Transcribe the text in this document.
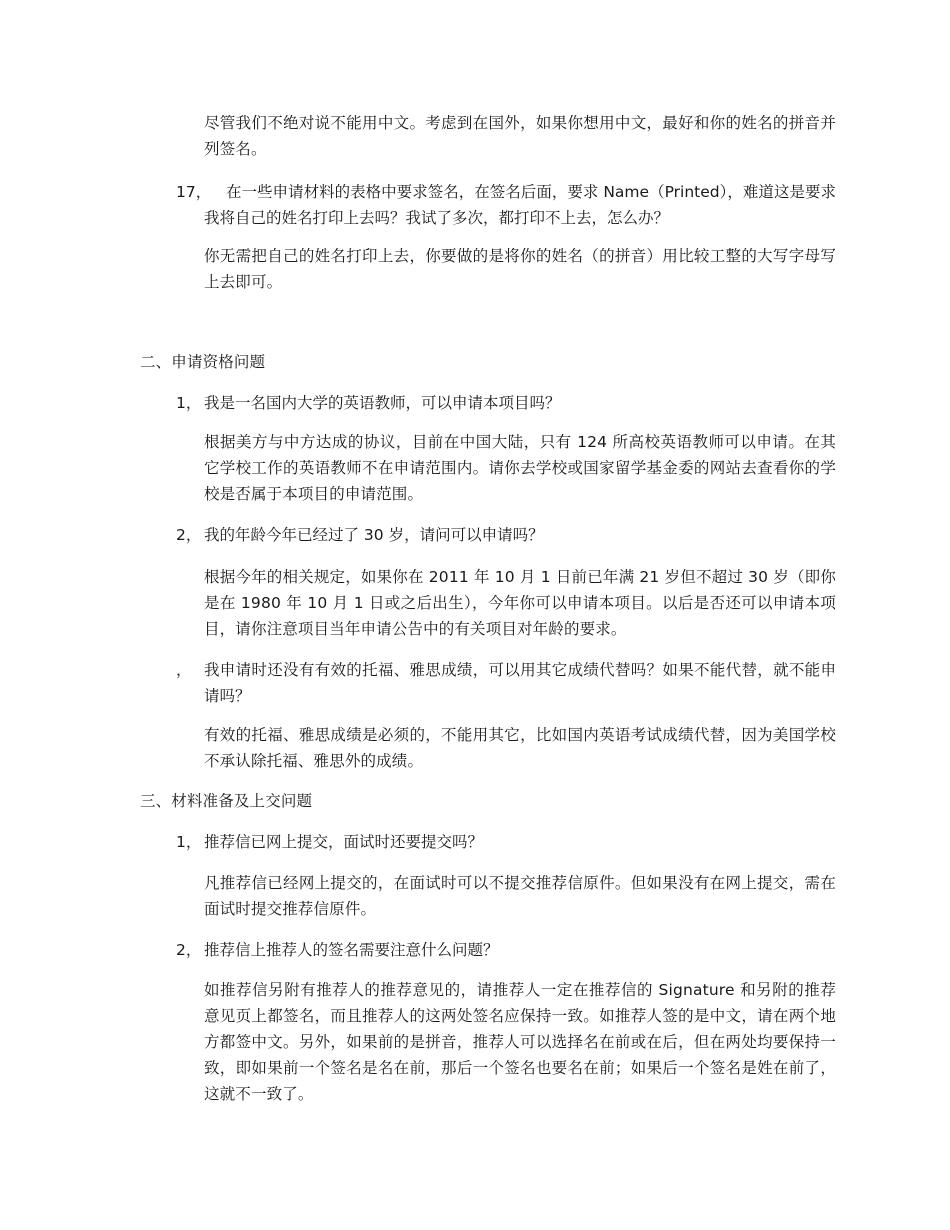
尽管我们不绝对说不能用中文。考虑到在国外，如果你想用中文，最好和你的姓名的拼音并列签名。

17， 在一些申请材料的表格中要求签名，在签名后面，要求 Name（Printed），难道这是要求我将自己的姓名打印上去吗？我试了多次，都打印不上去，怎么办？

你无需把自己的姓名打印上去，你要做的是将你的姓名（的拼音）用比较工整的大写字母写上去即可。

二、申请资格问题

1， 我是一名国内大学的英语教师，可以申请本项目吗？

根据美方与中方达成的协议，目前在中国大陆，只有 124 所高校英语教师可以申请。在其它学校工作的英语教师不在申请范围内。请你去学校或国家留学基金委的网站去查看你的学校是否属于本项目的申请范围。

2， 我的年龄今年已经过了 30 岁，请问可以申请吗？

根据今年的相关规定，如果你在 2011 年 10 月 1 日前已年满 21 岁但不超过 30 岁（即你是在 1980 年 10 月 1 日或之后出生），今年你可以申请本项目。以后是否还可以申请本项目，请你注意项目当年申请公告中的有关项目对年龄的要求。

， 我申请时还没有有效的托福、雅思成绩，可以用其它成绩代替吗？如果不能代替，就不能申请吗？

有效的托福、雅思成绩是必须的，不能用其它，比如国内英语考试成绩代替，因为美国学校不承认除托福、雅思外的成绩。

三、材料准备及上交问题

1， 推荐信已网上提交，面试时还要提交吗？

凡推荐信已经网上提交的，在面试时可以不提交推荐信原件。但如果没有在网上提交，需在面试时提交推荐信原件。

2， 推荐信上推荐人的签名需要注意什么问题？

如推荐信另附有推荐人的推荐意见的，请推荐人一定在推荐信的 Signature 和另附的推荐意见页上都签名，而且推荐人的这两处签名应保持一致。如推荐人签的是中文，请在两个地方都签中文。另外，如果前的是拼音，推荐人可以选择名在前或在后，但在两处均要保持一致，即如果前一个签名是名在前，那后一个签名也要名在前；如果后一个签名是姓在前了，这就不一致了。
